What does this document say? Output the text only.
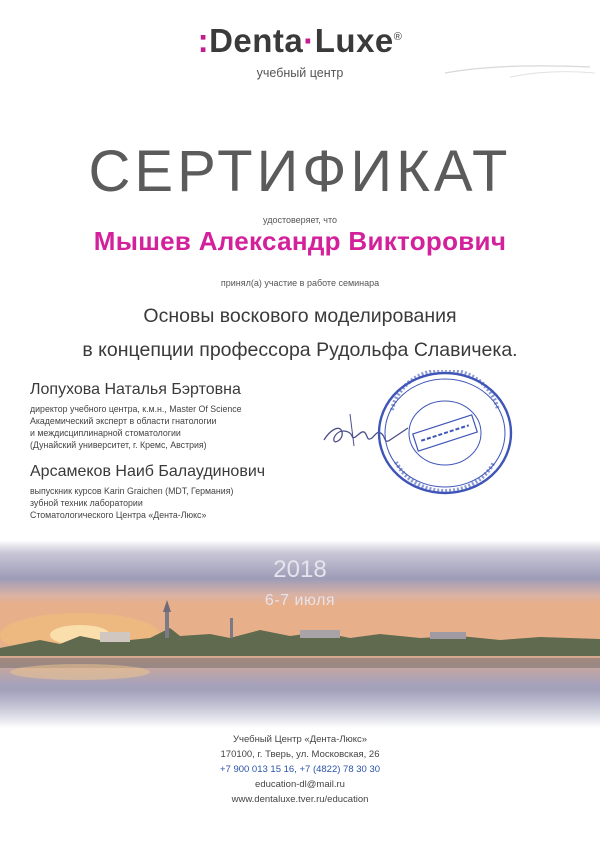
:Denta·Luxe®
учебный центр
СЕРТИФИКАТ
удостоверяет, что
Мышев Александр Викторович
принял(а) участие в работе семинара
Основы воскового моделирования
в концепции профессора Рудольфа Славичека.
Лопухова Наталья Бэртовна
директор учебного центра, к.м.н., Master Of Science
Академический эксперт в области гнатологии
и междисциплинарной стоматологии
(Дунайский университет, г. Кремс, Австрия)
Арсамеков Наиб Балаудинович
выпускник курсов Karin Graichen (MDT, Германия)
зубной техник лаборатории
Стоматологического Центра «Дента-Люкс»
2018
6-7 июля
Учебный Центр «Дента-Люкс»
170100, г. Тверь, ул. Московская, 26
+7 900 013 15 16, +7 (4822) 78 30 30
education-dl@mail.ru
www.dentaluxe.tver.ru/education
